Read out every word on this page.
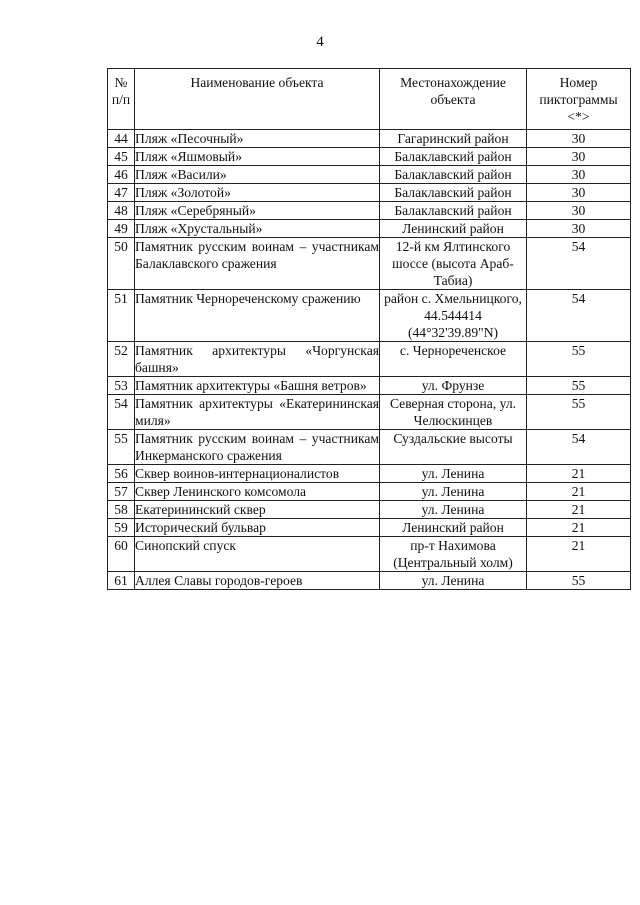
4
№ п/п	Наименование объекта	Местонахождение объекта	Номер пиктограммы <*>
44	Пляж «Песочный»	Гагаринский район	30
45	Пляж «Яшмовый»	Балаклавский район	30
46	Пляж «Васили»	Балаклавский район	30
47	Пляж «Золотой»	Балаклавский район	30
48	Пляж «Серебряный»	Балаклавский район	30
49	Пляж «Хрустальный»	Ленинский район	30
50	Памятник русским воинам – участникам Балаклавского сражения	12-й км Ялтинского шоссе (высота Араб-Табиа)	54
51	Памятник Чернореченскому сражению	район с. Хмельницкого, 44.544414 (44°32'39.89"N)	54
52	Памятник архитектуры «Чоргунская башня»	с. Чернореченское	55
53	Памятник архитектуры «Башня ветров»	ул. Фрунзе	55
54	Памятник архитектуры «Екатерининская миля»	Северная сторона, ул. Челюскинцев	55
55	Памятник русским воинам – участникам Инкерманского сражения	Суздальские высоты	54
56	Сквер воинов-интернационалистов	ул. Ленина	21
57	Сквер Ленинского комсомола	ул. Ленина	21
58	Екатерининский сквер	ул. Ленина	21
59	Исторический бульвар	Ленинский район	21
60	Синопский спуск	пр-т Нахимова (Центральный холм)	21
61	Аллея Славы городов-героев	ул. Ленина	55
